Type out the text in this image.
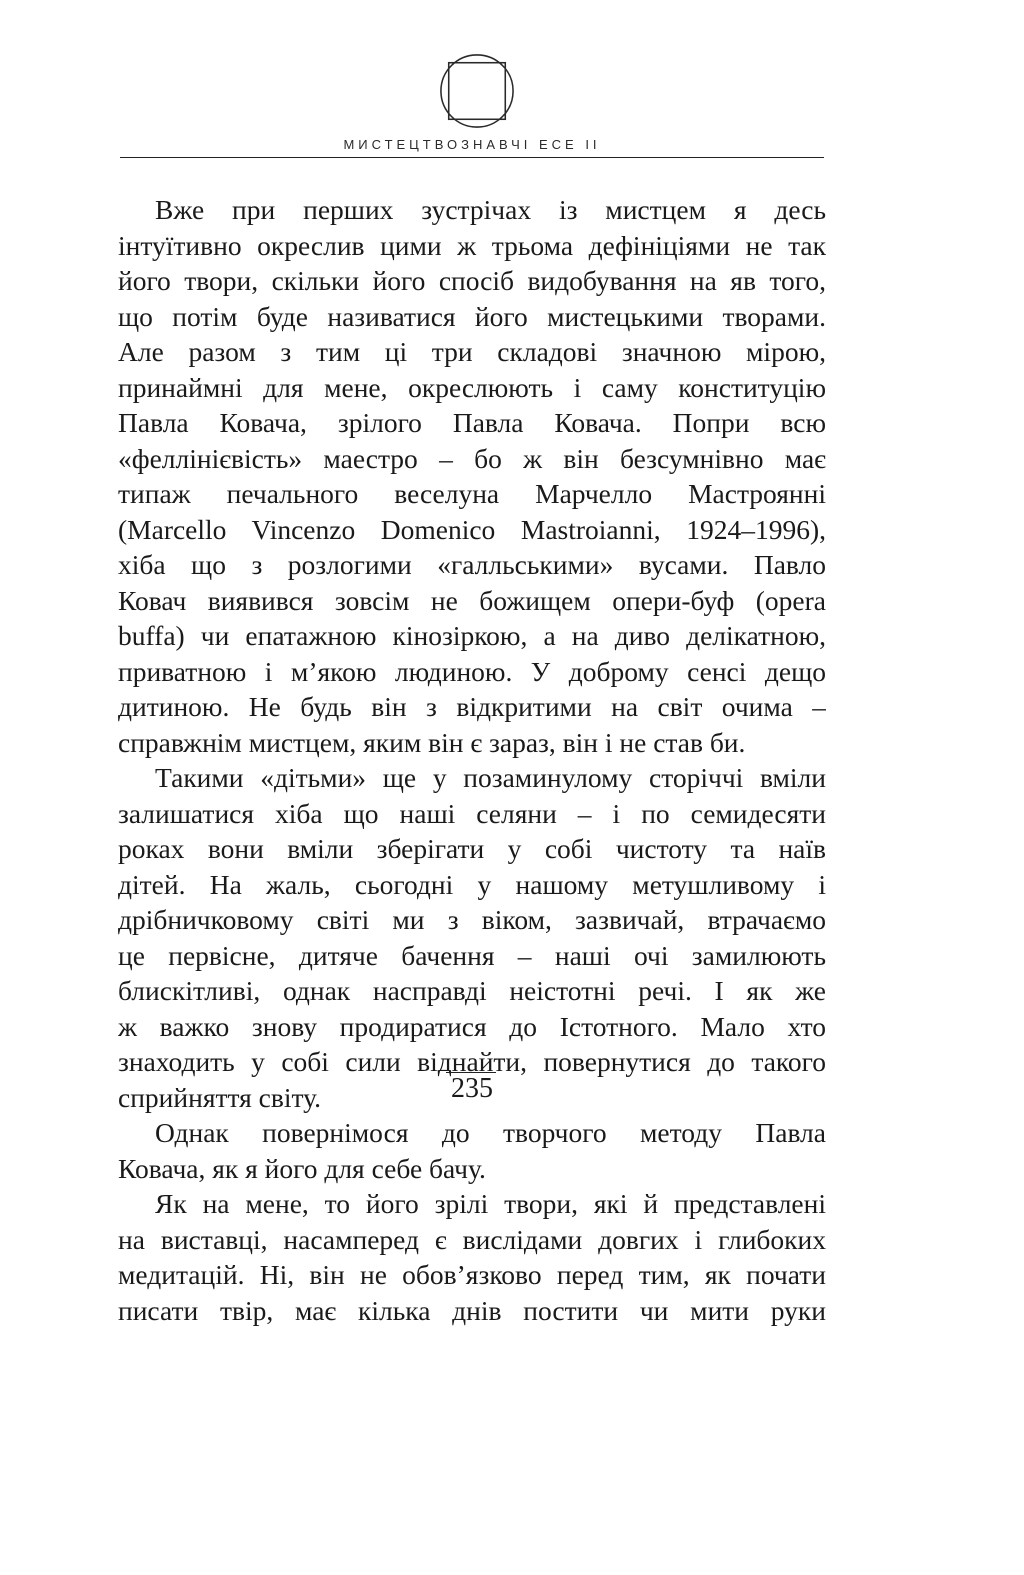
МИСТЕЦТВОЗНАВЧІ ЕСЕ ІІ

Вже при перших зустрічах із мистцем я десь
інтуїтивно окреслив цими ж трьома дефініціями не так
його твори, скільки його спосіб видобування на яв того,
що потім буде називатися його мистецькими творами.
Але разом з тим ці три складові значною мірою,
принаймні для мене, окреслюють і саму конституцію
Павла Ковача, зрілого Павла Ковача. Попри всю
«феллінієвість» маестро – бо ж він безсумнівно має
типаж печального веселуна Марчелло Мастроянні
(Marcello Vincenzo Domenico Mastroianni, 1924–1996),
хіба що з розлогими «галльськими» вусами. Павло
Ковач виявився зовсім не божищем опери-буф (opera
buffa) чи епатажною кінозіркою, а на диво делікатною,
приватною і м’якою людиною. У доброму сенсі дещо
дитиною. Не будь він з відкритими на світ очима –
справжнім мистцем, яким він є зараз, він і не став би.

Такими «дітьми» ще у позаминулому сторіччі вміли
залишатися хіба що наші селяни – і по семидесяти
роках вони вміли зберігати у собі чистоту та наїв
дітей. На жаль, сьогодні у нашому метушливому і
дрібничковому світі ми з віком, зазвичай, втрачаємо
це первісне, дитяче бачення – наші очі замилюють
блискітливі, однак насправді неістотні речі. І як же
ж важко знову продиратися до Істотного. Мало хто
знаходить у собі сили віднайти, повернутися до такого
сприйняття світу.

Однак повернімося до творчого методу Павла
Ковача, як я його для себе бачу.

Як на мене, то його зрілі твори, які й представлені
на виставці, насамперед є вислідами довгих і глибоких
медитацій. Ні, він не обов’язково перед тим, як почати
писати твір, має кілька днів постити чи мити руки

235
